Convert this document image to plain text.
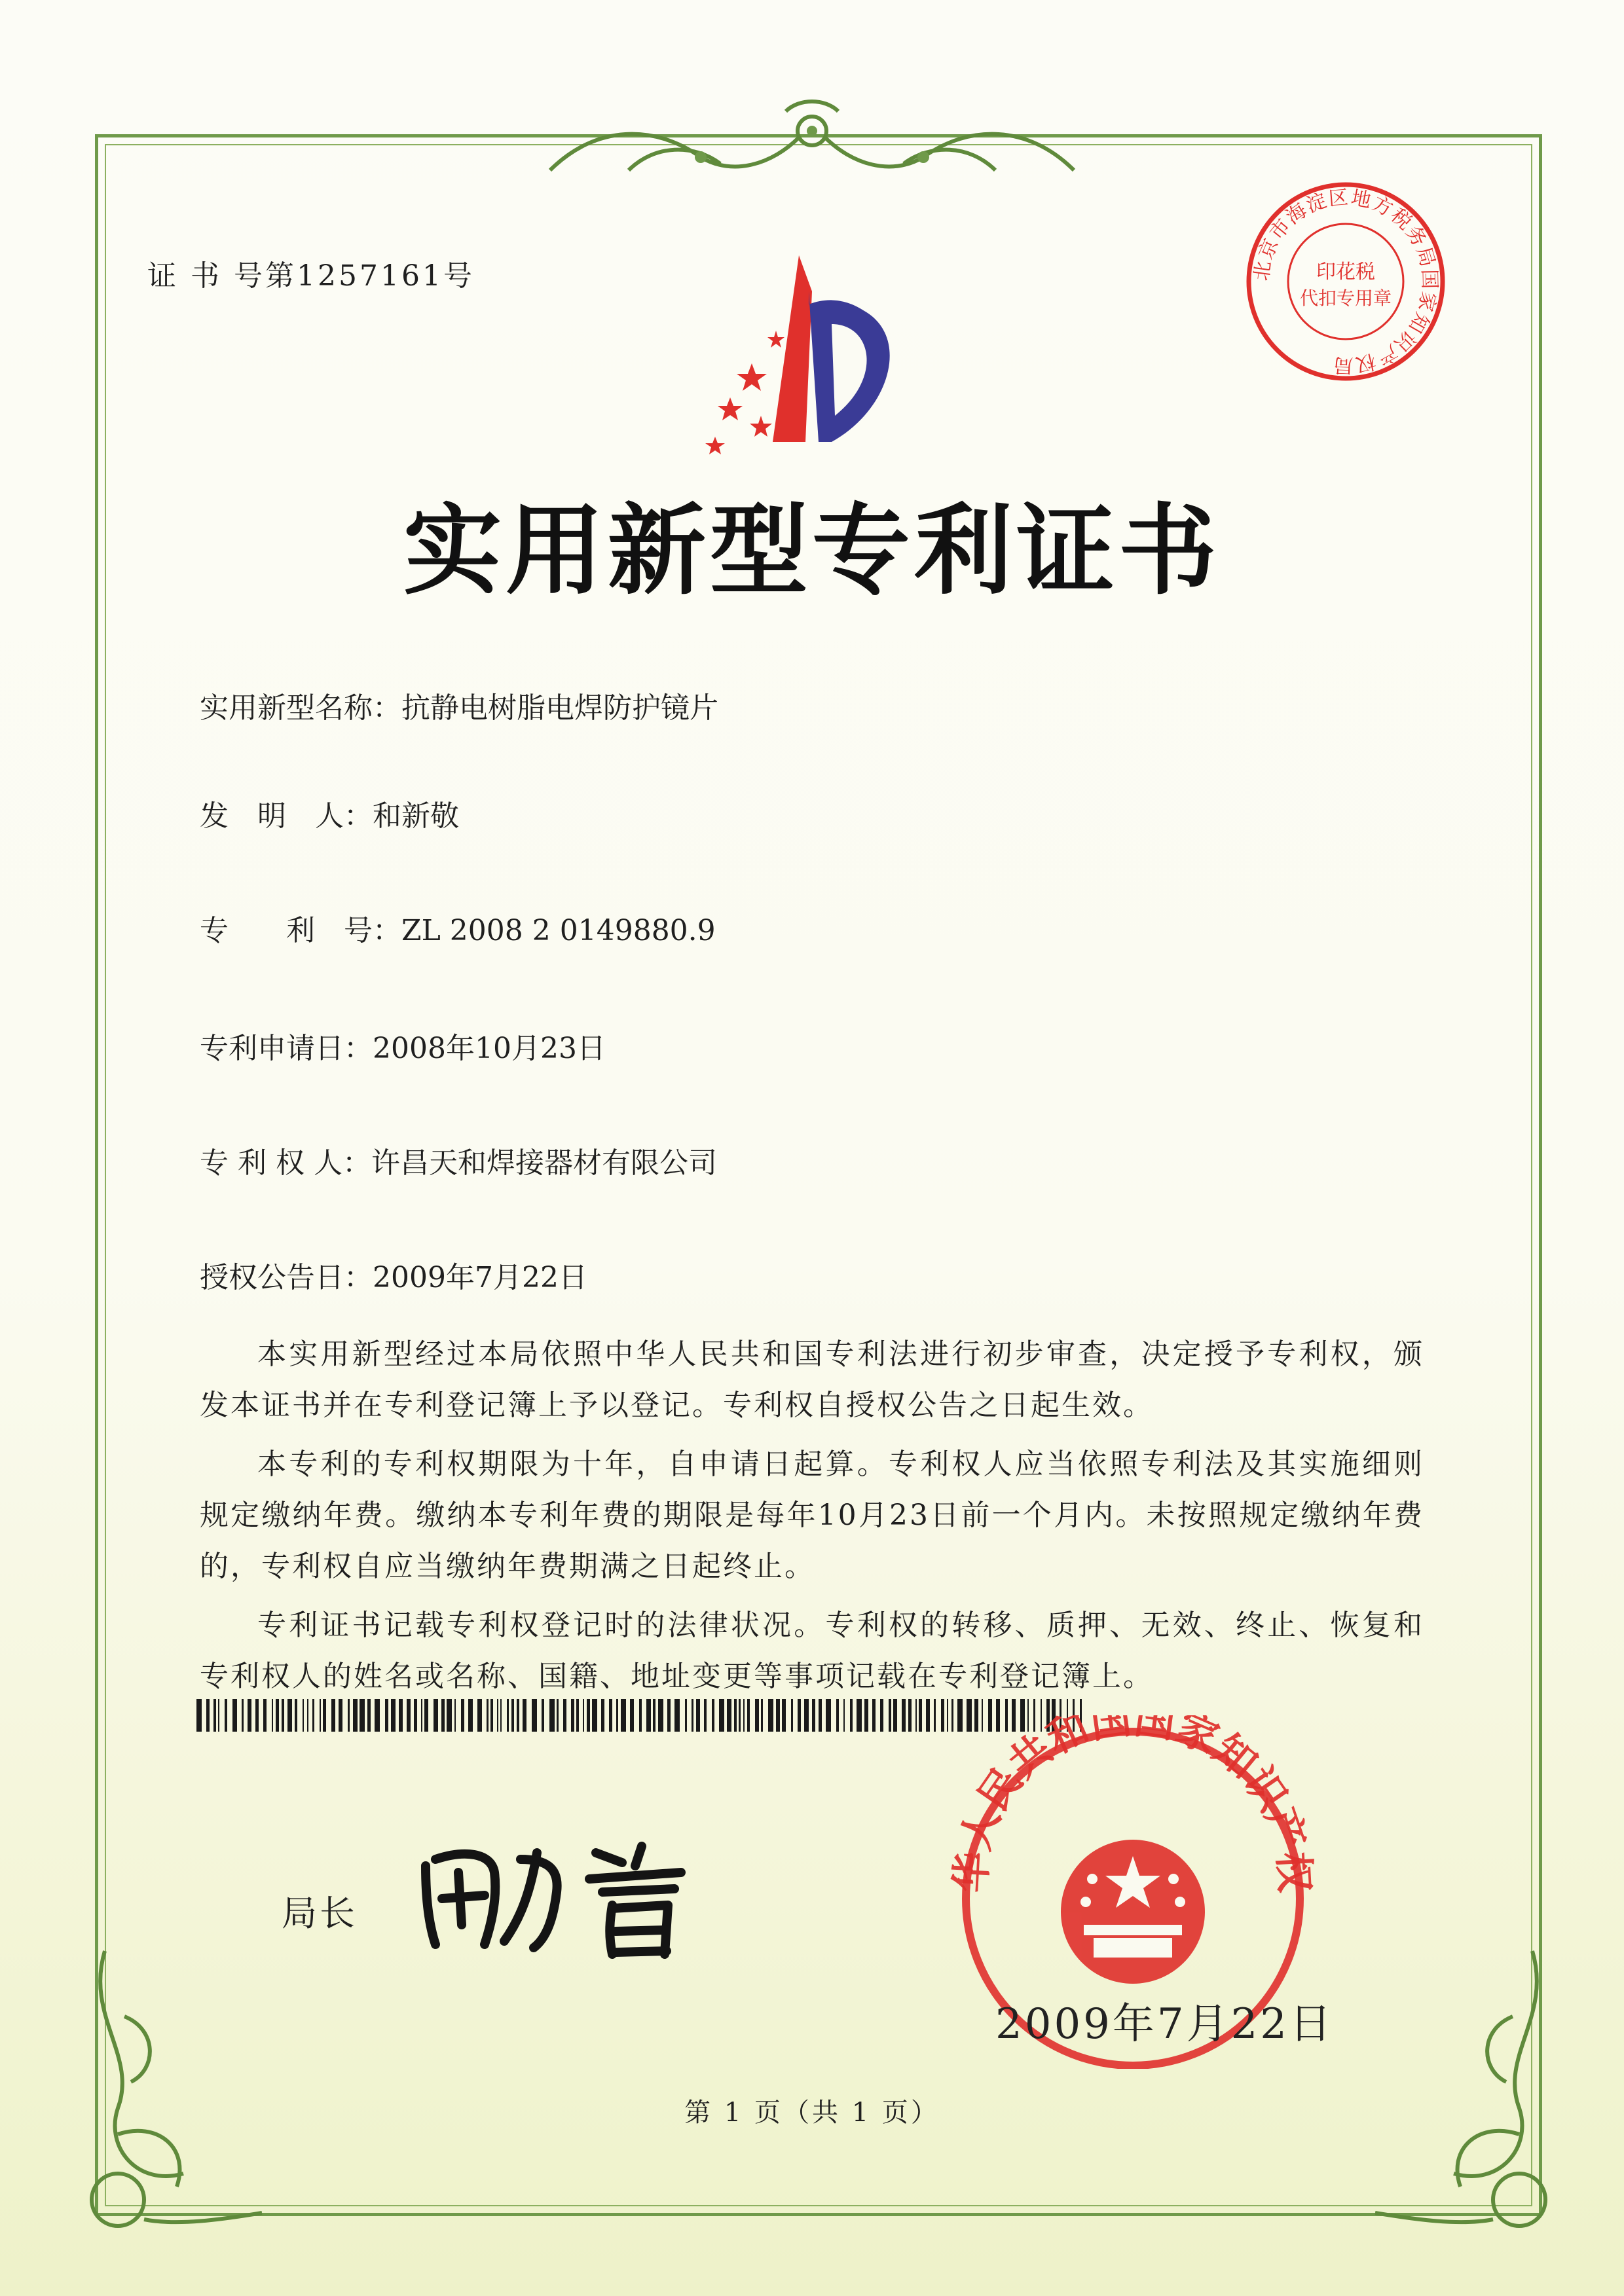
证 书 号第1257161号	北京市海淀区地方税务局国家知识产权局
印花税
代扣专用章
实用新型专利证书
实用新型名称：抗静电树脂电焊防护镜片
发　明　人：和新敬
专　　利　号：ZL 2008 2 0149880.9
专利申请日：2008年10月23日
专 利 权 人：许昌天和焊接器材有限公司
授权公告日：2009年7月22日

本实用新型经过本局依照中华人民共和国专利法进行初步审查，决定授予专利权，颁发本证书并在专利登记簿上予以登记。专利权自授权公告之日起生效。

本专利的专利权期限为十年，自申请日起算。专利权人应当依照专利法及其实施细则规定缴纳年费。缴纳本专利年费的期限是每年10月23日前一个月内。未按照规定缴纳年费的，专利权自应当缴纳年费期满之日起终止。

专利证书记载专利权登记时的法律状况。专利权的转移、质押、无效、终止、恢复和专利权人的姓名或名称、国籍、地址变更等事项记载在专利登记簿上。

局长
华人民共和国国家知识产权
2009年7月22日
第 1 页（共 1 页）
